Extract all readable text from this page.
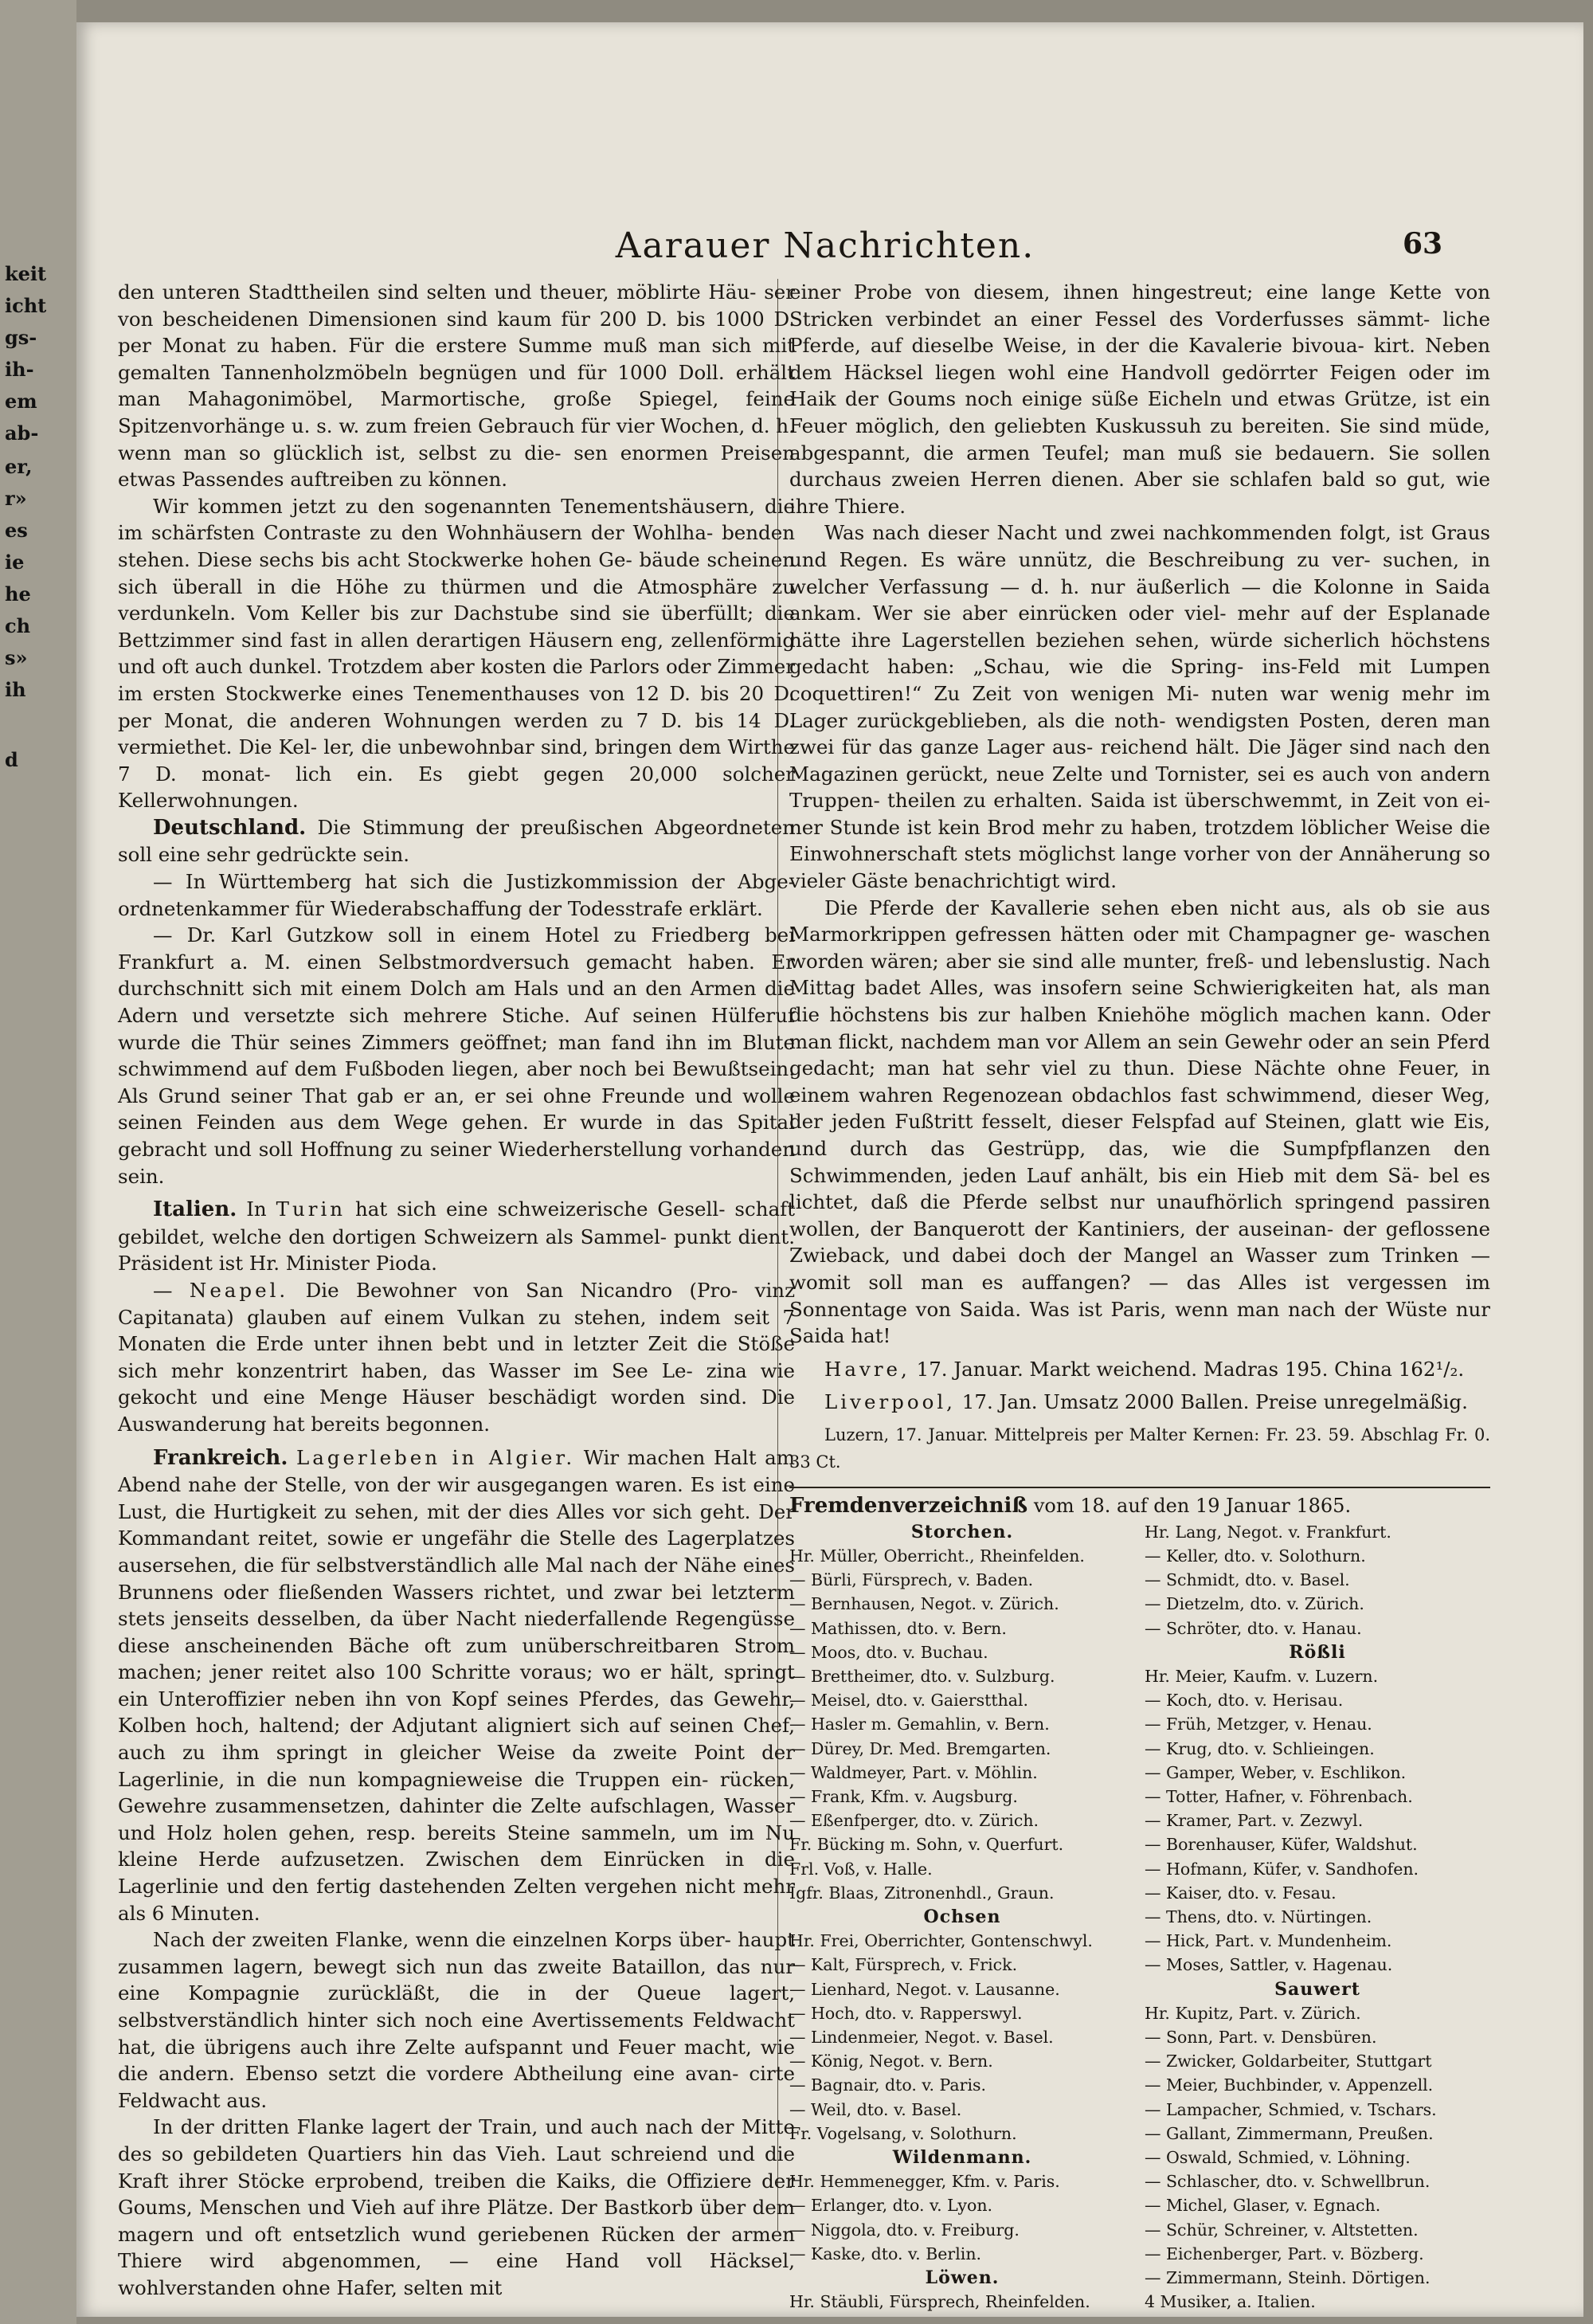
keit
icht
gs-
ih-
em
ab-
er,
r»
es
ie
he
ch
s»
ih
d
Aarauer Nachrichten.	63

den unteren Stadttheilen sind selten und theuer, möblirte Häu- ser von bescheidenen Dimensionen sind kaum für 200 D. bis 1000 D. per Monat zu haben. Für die erstere Summe muß man sich mit gemalten Tannenholzmöbeln begnügen und für 1000 Doll. erhält man Mahagonimöbel, Marmortische, große Spiegel, feine Spitzenvorhänge u. s. w. zum freien Gebrauch für vier Wochen, d. h. wenn man so glücklich ist, selbst zu die- sen enormen Preisen etwas Passendes auftreiben zu können.

Wir kommen jetzt zu den sogenannten Tenementshäusern, die im schärfsten Contraste zu den Wohnhäusern der Wohlha- benden stehen. Diese sechs bis acht Stockwerke hohen Ge- bäude scheinen sich überall in die Höhe zu thürmen und die Atmosphäre zu verdunkeln. Vom Keller bis zur Dachstube sind sie überfüllt; die Bettzimmer sind fast in allen derartigen Häusern eng, zellenförmig und oft auch dunkel. Trotzdem aber kosten die Parlors oder Zimmer im ersten Stockwerke eines Tenementhauses von 12 D. bis 20 D. per Monat, die anderen Wohnungen werden zu 7 D. bis 14 D. vermiethet. Die Kel- ler, die unbewohnbar sind, bringen dem Wirthe 7 D. monat- lich ein. Es giebt gegen 20,000 solcher Kellerwohnungen.

Deutschland. Die Stimmung der preußischen Abgeordneten soll eine sehr gedrückte sein.

— In Württemberg hat sich die Justizkommission der Abge- ordnetenkammer für Wiederabschaffung der Todesstrafe erklärt.

— Dr. Karl Gutzkow soll in einem Hotel zu Friedberg bei Frankfurt a. M. einen Selbstmordversuch gemacht haben. Er durchschnitt sich mit einem Dolch am Hals und an den Armen die Adern und versetzte sich mehrere Stiche. Auf seinen Hülferuf wurde die Thür seines Zimmers geöffnet; man fand ihn im Blute schwimmend auf dem Fußboden liegen, aber noch bei Bewußtsein. Als Grund seiner That gab er an, er sei ohne Freunde und wolle seinen Feinden aus dem Wege gehen. Er wurde in das Spital gebracht und soll Hoffnung zu seiner Wiederherstellung vorhanden sein.

Italien. In Turin hat sich eine schweizerische Gesell- schaft gebildet, welche den dortigen Schweizern als Sammel- punkt dient. Präsident ist Hr. Minister Pioda.

— Neapel. Die Bewohner von San Nicandro (Pro- vinz Capitanata) glauben auf einem Vulkan zu stehen, indem seit 7 Monaten die Erde unter ihnen bebt und in letzter Zeit die Stöße sich mehr konzentrirt haben, das Wasser im See Le- zina wie gekocht und eine Menge Häuser beschädigt worden sind. Die Auswanderung hat bereits begonnen.

Frankreich. Lagerleben in Algier. Wir machen Halt am Abend nahe der Stelle, von der wir ausgegangen waren. Es ist eine Lust, die Hurtigkeit zu sehen, mit der dies Alles vor sich geht. Der Kommandant reitet, sowie er ungefähr die Stelle des Lagerplatzes ausersehen, die für selbstverständlich alle Mal nach der Nähe eines Brunnens oder fließenden Wassers richtet, und zwar bei letzterm stets jenseits desselben, da über Nacht niederfallende Regengüsse diese anscheinenden Bäche oft zum unüberschreitbaren Strom machen; jener reitet also 100 Schritte voraus; wo er hält, springt ein Unteroffizier neben ihn von Kopf seines Pferdes, das Gewehr, Kolben hoch, haltend; der Adjutant aligniert sich auf seinen Chef, auch zu ihm springt in gleicher Weise da zweite Point der Lagerlinie, in die nun kompagnieweise die Truppen ein- rücken, Gewehre zusammensetzen, dahinter die Zelte aufschlagen, Wasser und Holz holen gehen, resp. bereits Steine sammeln, um im Nu kleine Herde aufzusetzen. Zwischen dem Einrücken in die Lagerlinie und den fertig dastehenden Zelten vergehen nicht mehr als 6 Minuten.

Nach der zweiten Flanke, wenn die einzelnen Korps über- haupt zusammen lagern, bewegt sich nun das zweite Bataillon, das nur eine Kompagnie zurückläßt, die in der Queue lagert, selbstverständlich hinter sich noch eine Avertissements Feldwacht hat, die übrigens auch ihre Zelte aufspannt und Feuer macht, wie die andern. Ebenso setzt die vordere Abtheilung eine avan- cirte Feldwacht aus.

In der dritten Flanke lagert der Train, und auch nach der Mitte des so gebildeten Quartiers hin das Vieh. Laut schreiend und die Kraft ihrer Stöcke erprobend, treiben die Kaiks, die Offiziere der Goums, Menschen und Vieh auf ihre Plätze. Der Bastkorb über dem magern und oft entsetzlich wund geriebenen Rücken der armen Thiere wird abgenommen, — eine Hand voll Häcksel, wohlverstanden ohne Hafer, selten mit

einer Probe von diesem, ihnen hingestreut; eine lange Kette von Stricken verbindet an einer Fessel des Vorderfusses sämmt- liche Pferde, auf dieselbe Weise, in der die Kavalerie bivoua- kirt. Neben dem Häcksel liegen wohl eine Handvoll gedörrter Feigen oder im Haik der Goums noch einige süße Eicheln und etwas Grütze, ist ein Feuer möglich, den geliebten Kuskussuh zu bereiten. Sie sind müde, abgespannt, die armen Teufel; man muß sie bedauern. Sie sollen durchaus zweien Herren dienen. Aber sie schlafen bald so gut, wie ihre Thiere.

Was nach dieser Nacht und zwei nachkommenden folgt, ist Graus und Regen. Es wäre unnütz, die Beschreibung zu ver- suchen, in welcher Verfassung — d. h. nur äußerlich — die Kolonne in Saida ankam. Wer sie aber einrücken oder viel- mehr auf der Esplanade hätte ihre Lagerstellen beziehen sehen, würde sicherlich höchstens gedacht haben: „Schau, wie die Spring- ins-Feld mit Lumpen coquettiren!“ Zu Zeit von wenigen Mi- nuten war wenig mehr im Lager zurückgeblieben, als die noth- wendigsten Posten, deren man zwei für das ganze Lager aus- reichend hält. Die Jäger sind nach den Magazinen gerückt, neue Zelte und Tornister, sei es auch von andern Truppen- theilen zu erhalten. Saida ist überschwemmt, in Zeit von ei- ner Stunde ist kein Brod mehr zu haben, trotzdem löblicher Weise die Einwohnerschaft stets möglichst lange vorher von der Annäherung so vieler Gäste benachrichtigt wird.

Die Pferde der Kavallerie sehen eben nicht aus, als ob sie aus Marmorkrippen gefressen hätten oder mit Champagner ge- waschen worden wären; aber sie sind alle munter, freß- und lebenslustig. Nach Mittag badet Alles, was insofern seine Schwierigkeiten hat, als man die höchstens bis zur halben Kniehöhe möglich machen kann. Oder man flickt, nachdem man vor Allem an sein Gewehr oder an sein Pferd gedacht; man hat sehr viel zu thun. Diese Nächte ohne Feuer, in einem wahren Regenozean obdachlos fast schwimmend, dieser Weg, der jeden Fußtritt fesselt, dieser Felspfad auf Steinen, glatt wie Eis, und durch das Gestrüpp, das, wie die Sumpfpflanzen den Schwimmenden, jeden Lauf anhält, bis ein Hieb mit dem Sä- bel es lichtet, daß die Pferde selbst nur unaufhörlich springend passiren wollen, der Banquerott der Kantiniers, der auseinan- der geflossene Zwieback, und dabei doch der Mangel an Wasser zum Trinken — womit soll man es auffangen? — das Alles ist vergessen im Sonnentage von Saida. Was ist Paris, wenn man nach der Wüste nur Saida hat!

Havre, 17. Januar. Markt weichend. Madras 195. China 162¹/₂.

Liverpool, 17. Jan. Umsatz 2000 Ballen. Preise unregelmäßig.

Luzern, 17. Januar. Mittelpreis per Malter Kernen: Fr. 23. 59. Abschlag Fr. 0. 33 Ct.

Fremdenverzeichniß vom 18. auf den 19 Januar 1865.
Storchen.
Hr. Müller, Oberricht., Rheinfelden.
— Bürli, Fürsprech, v. Baden.
— Bernhausen, Negot. v. Zürich.
— Mathissen, dto. v. Bern.
— Moos, dto. v. Buchau.
— Brettheimer, dto. v. Sulzburg.
— Meisel, dto. v. Gaierstthal.
— Hasler m. Gemahlin, v. Bern.
— Dürey, Dr. Med. Bremgarten.
— Waldmeyer, Part. v. Möhlin.
— Frank, Kfm. v. Augsburg.
— Eßenfperger, dto. v. Zürich.
Fr. Bücking m. Sohn, v. Querfurt.
Frl. Voß, v. Halle.
Igfr. Blaas, Zitronenhdl., Graun.
Ochsen
Hr. Frei, Oberrichter, Gontenschwyl.
— Kalt, Fürsprech, v. Frick.
— Lienhard, Negot. v. Lausanne.
— Hoch, dto. v. Rapperswyl.
— Lindenmeier, Negot. v. Basel.
— König, Negot. v. Bern.
— Bagnair, dto. v. Paris.
— Weil, dto. v. Basel.
Fr. Vogelsang, v. Solothurn.
Wildenmann.
Hr. Hemmenegger, Kfm. v. Paris.
— Erlanger, dto. v. Lyon.
— Niggola, dto. v. Freiburg.
— Kaske, dto. v. Berlin.
Löwen.
Hr. Stäubli, Fürsprech, Rheinfelden.
Hr. Lang, Negot. v. Frankfurt.
— Keller, dto. v. Solothurn.
— Schmidt, dto. v. Basel.
— Dietzelm, dto. v. Zürich.
— Schröter, dto. v. Hanau.
Rößli
Hr. Meier, Kaufm. v. Luzern.
— Koch, dto. v. Herisau.
— Früh, Metzger, v. Henau.
— Krug, dto. v. Schlieingen.
— Gamper, Weber, v. Eschlikon.
— Totter, Hafner, v. Föhrenbach.
— Kramer, Part. v. Zezwyl.
— Borenhauser, Küfer, Waldshut.
— Hofmann, Küfer, v. Sandhofen.
— Kaiser, dto. v. Fesau.
— Thens, dto. v. Nürtingen.
— Hick, Part. v. Mundenheim.
— Moses, Sattler, v. Hagenau.
Sauwert
Hr. Kupitz, Part. v. Zürich.
— Sonn, Part. v. Densbüren.
— Zwicker, Goldarbeiter, Stuttgart
— Meier, Buchbinder, v. Appenzell.
— Lampacher, Schmied, v. Tschars.
— Gallant, Zimmermann, Preußen.
— Oswald, Schmied, v. Löhning.
— Schlascher, dto. v. Schwellbrun.
— Michel, Glaser, v. Egnach.
— Schür, Schreiner, v. Altstetten.
— Eichenberger, Part. v. Bözberg.
— Zimmermann, Steinh. Dörtigen.
4 Musiker, a. Italien.
